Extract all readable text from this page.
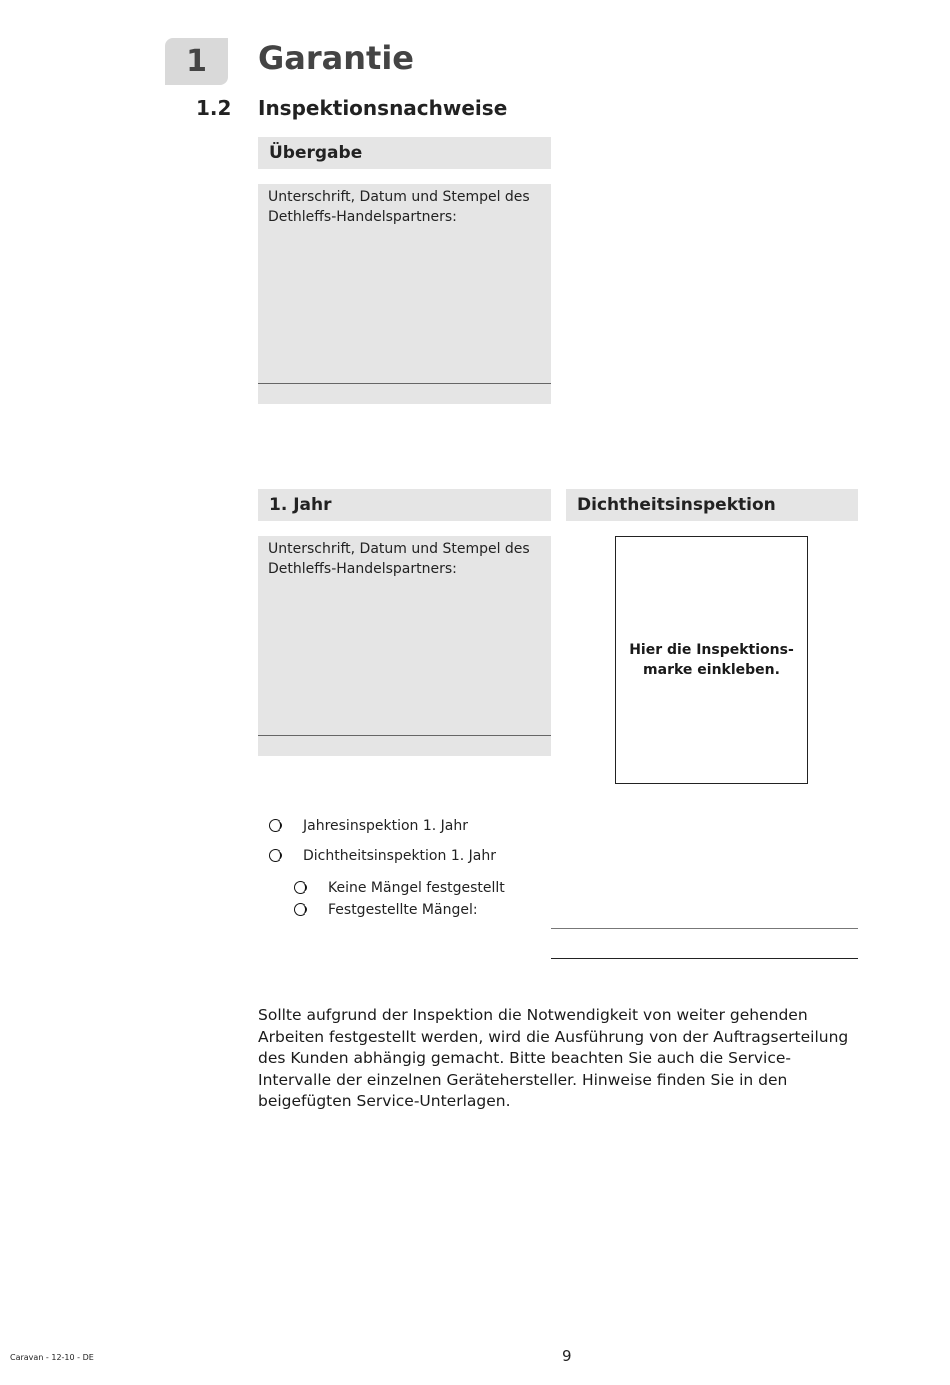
1	Garantie
1.2 Inspektionsnachweise
Übergabe
Unterschrift, Datum und Stempel des Dethleffs-Handelspartners:
1. Jahr
Unterschrift, Datum und Stempel des Dethleffs-Handelspartners:
Dichtheitsinspektion
Hier die Inspektions-
marke einkleben.
Jahresinspektion 1. Jahr
Dichtheitsinspektion 1. Jahr
Keine Mängel festgestellt
Festgestellte Mängel:
Sollte aufgrund der Inspektion die Notwendigkeit von weiter gehenden Arbeiten festgestellt werden, wird die Ausführung von der Auftragserteilung des Kunden abhängig gemacht. Bitte beachten Sie auch die Service-Intervalle der einzelnen Gerätehersteller. Hinweise finden Sie in den beigefügten Service-Unterlagen.
Caravan - 12-10 - DE	9
